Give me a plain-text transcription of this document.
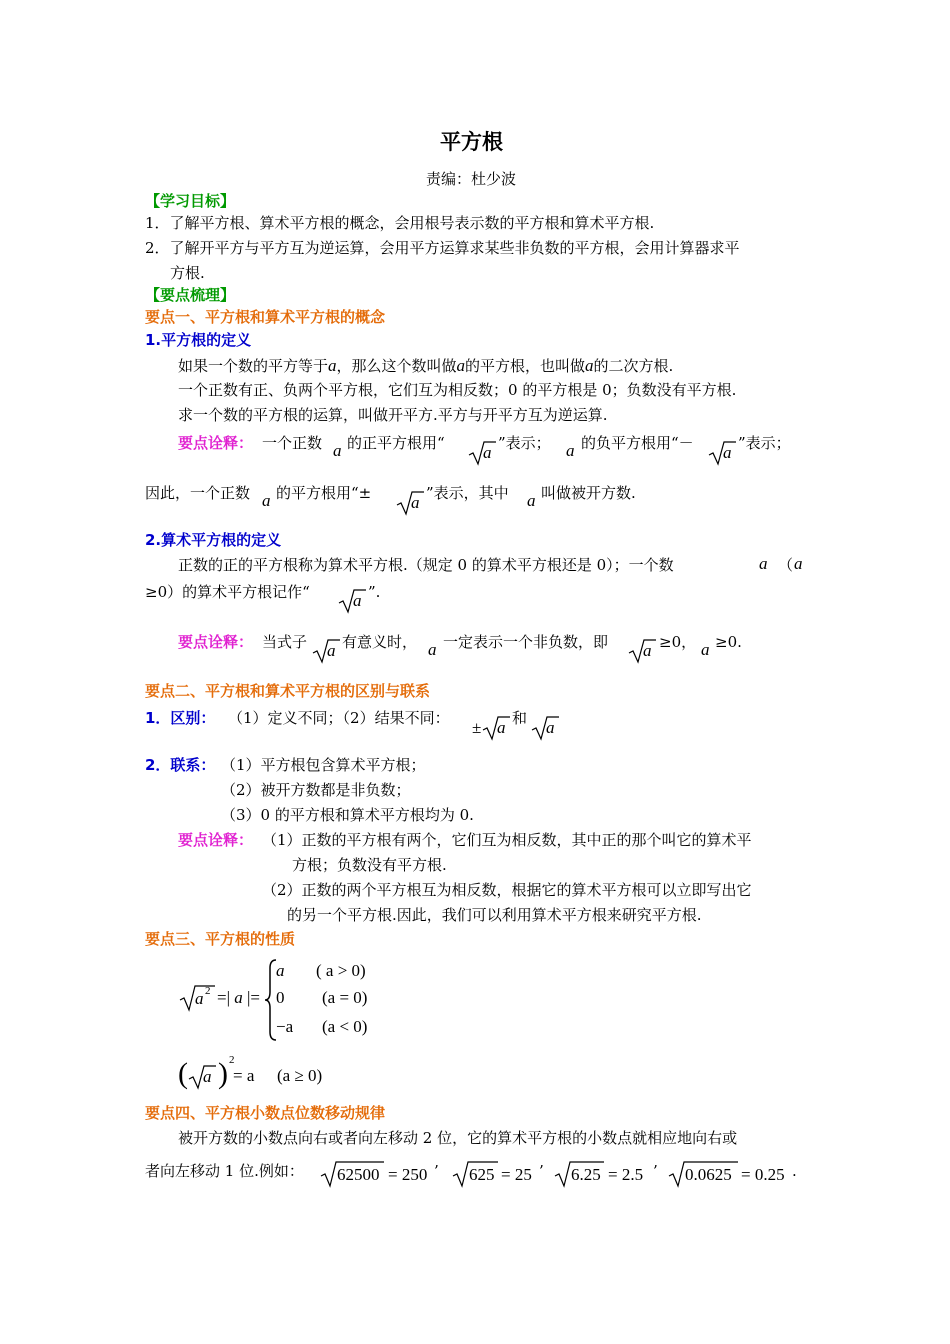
平方根
责编：杜少波
【学习目标】
1．了解平方根、算术平方根的概念，会用根号表示数的平方根和算术平方根.
2．了解开平方与平方互为逆运算，会用平方运算求某些非负数的平方根，会用计算器求平
方根.
【要点梳理】
要点一、平方根和算术平方根的概念
1.平方根的定义
如果一个数的平方等于a，那么这个数叫做a的平方根，也叫做a的二次方根.
一个正数有正、负两个平方根，它们互为相反数；0 的平方根是 0；负数没有平方根.
求一个数的平方根的运算，叫做开平方.平方与开平方互为逆运算.
要点诠释： 一个正数 a 的正平方根用“ a ”表示； a 的负平方根用“－ a ”表示；
因此，一个正数 a 的平方根用“± a ”表示，其中 a 叫做被开方数.
2.算术平方根的定义
正数的正的平方根称为算术平方根.（规定 0 的算术平方根还是 0）；一个数	a （ a
≥0）的算术平方根记作“	a ”.
要点诠释： 当式子 a 有意义时， a 一定表示一个非负数，即 a ≥0， a ≥0.
要点二、平方根和算术平方根的区别与联系
1．区别： （1）定义不同；（2）结果不同： ± a 和 a
2．联系： （1）平方根包含算术平方根；
（2）被开方数都是非负数；
（3）0 的平方根和算术平方根均为 0.
要点诠释： （1）正数的平方根有两个，它们互为相反数，其中正的那个叫它的算术平
方根；负数没有平方根.
（2）正数的两个平方根互为相反数，根据它的算术平方根可以立即写出它
的另一个平方根.因此，我们可以利用算术平方根来研究平方根.
要点三、平方根的性质
a 2 =| a |=
a ( a > 0)
0 (a = 0)
−a (a < 0)
( a ) 2
= a (a ≥ 0)
要点四、平方根小数点位数移动规律
被开方数的小数点向右或者向左移动 2 位，它的算术平方根的小数点就相应地向右或
者向左移动 1 位.例如： 62500 = 250 ’ 625 = 25 ’ 6.25 = 2.5 ’ 0.0625 = 0.25 .
